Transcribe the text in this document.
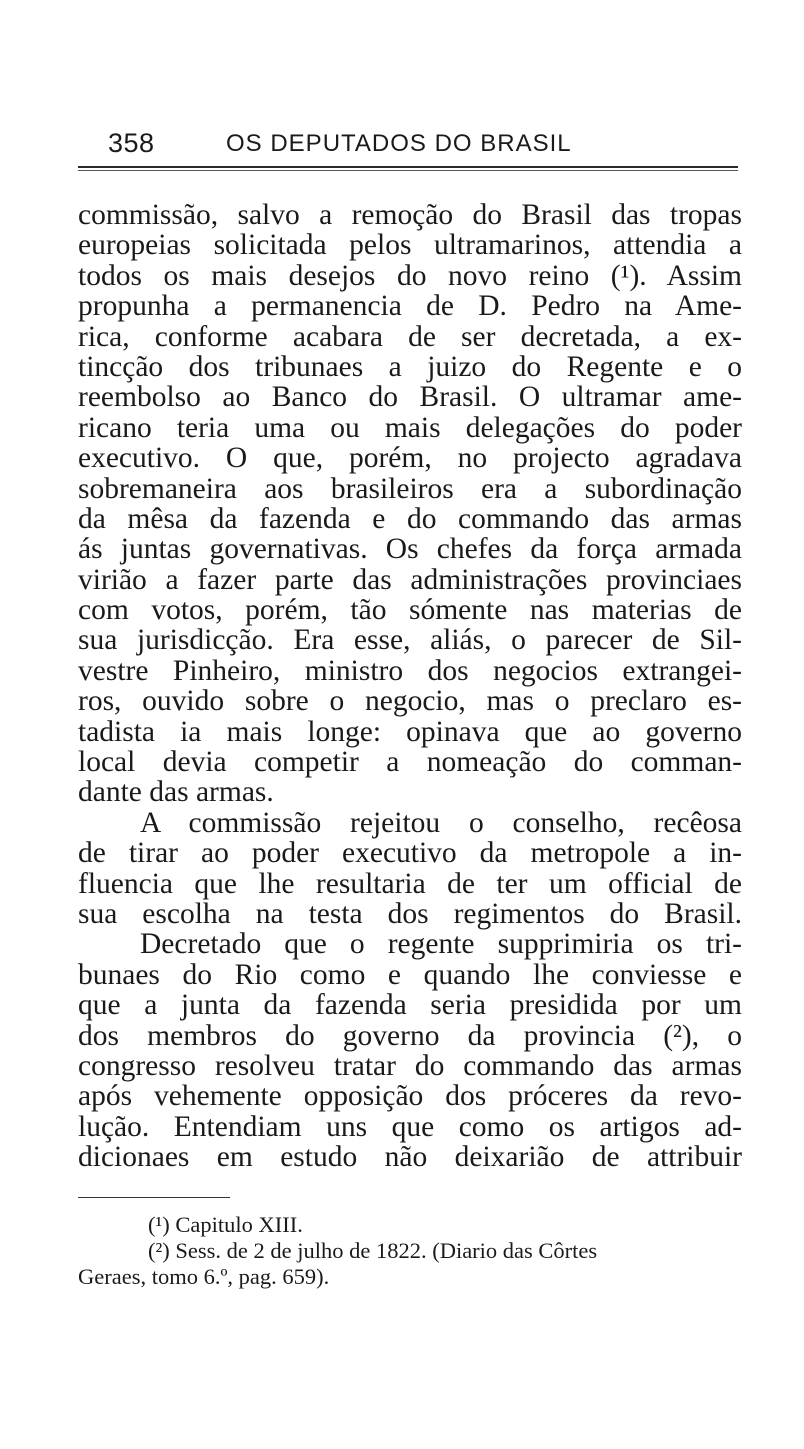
358	OS DEPUTADOS DO BRASIL
commissão, salvo a remoção do Brasil das tropas
europeias solicitada pelos ultramarinos, attendia a
todos os mais desejos do novo reino (¹). Assim
propunha a permanencia de D. Pedro na Ame-
rica, conforme acabara de ser decretada, a ex-
tincção dos tribunaes a juizo do Regente e o
reembolso ao Banco do Brasil. O ultramar ame-
ricano teria uma ou mais delegações do poder
executivo. O que, porém, no projecto agradava
sobremaneira aos brasileiros era a subordinação
da mêsa da fazenda e do commando das armas
ás juntas governativas. Os chefes da força armada
virião a fazer parte das administrações provinciaes
com votos, porém, tão sómente nas materias de
sua jurisdicção. Era esse, aliás, o parecer de Sil-
vestre Pinheiro, ministro dos negocios extrangei-
ros, ouvido sobre o negocio, mas o preclaro es-
tadista ia mais longe: opinava que ao governo
local devia competir a nomeação do comman-
dante das armas.
A commissão rejeitou o conselho, recêosa
de tirar ao poder executivo da metropole a in-
fluencia que lhe resultaria de ter um official de
sua escolha na testa dos regimentos do Brasil.
Decretado que o regente supprimiria os tri-
bunaes do Rio como e quando lhe conviesse e
que a junta da fazenda seria presidida por um
dos membros do governo da provincia (²), o
congresso resolveu tratar do commando das armas
após vehemente opposição dos próceres da revo-
lução. Entendiam uns que como os artigos ad-
dicionaes em estudo não deixarião de attribuir
(¹) Capitulo XIII.
(²) Sess. de 2 de julho de 1822. (Diario das Côrtes
Geraes, tomo 6.º, pag. 659).
